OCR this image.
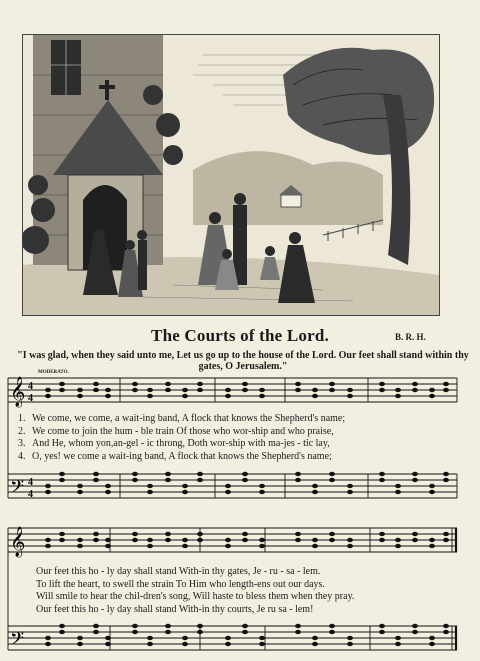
The Courts of the Lord.	B. R. H.
"I was glad, when they said unto me, Let us go up to the house of the Lord. Our feet shall stand within thy gates, O Jerusalem."
MODERATO.
𝄞
𝄢
𝄞
𝄢
4
4
4
4
1. We come, we come, a wait-ing band, A flock that knows the Shepherd's name;
2. We come to join the hum - ble train Of those who wor-ship and who praise,
3. And He, whom yon,an-gel - ic throng, Doth wor-ship with ma-jes - tic lay,
4. O, yes! we come a wait-ing band, A flock that knows the Shepherd's name;
Our feet this ho - ly day shall stand With-in thy gates, Je - ru - sa - lem.
To lift the heart, to swell the strain To Him who length-ens out our days.
Will smile to hear the chil-dren's song, Will haste to bless them when they pray.
Our feet this ho - ly day shall stand With-in thy courts, Je ru sa - lem!
